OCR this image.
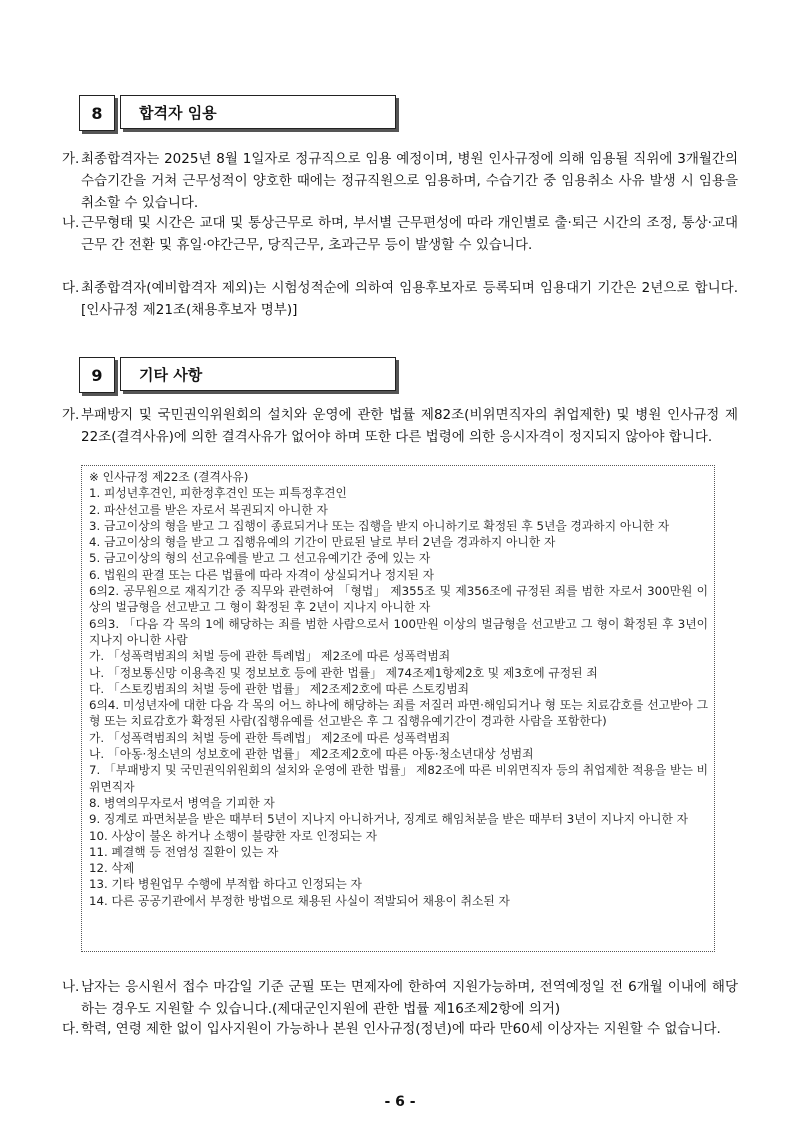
8	합격자 임용
가. 최종합격자는 2025년 8월 1일자로 정규직으로 임용 예정이며, 병원 인사규정에 의해 임용될 직위에 3개월간의 수습기간을 거쳐 근무성적이 양호한 때에는 정규직원으로 임용하며, 수습기간 중 임용취소 사유 발생 시 임용을 취소할 수 있습니다.
나. 근무형태 및 시간은 교대 및 통상근무로 하며, 부서별 근무편성에 따라 개인별로 출·퇴근 시간의 조정, 통상·교대근무 간 전환 및 휴일·야간근무, 당직근무, 초과근무 등이 발생할 수 있습니다.
다. 최종합격자(예비합격자 제외)는 시험성적순에 의하여 임용후보자로 등록되며 임용대기 기간은 2년으로 합니다.[인사규정 제21조(채용후보자 명부)]
9	기타 사항
가. 부패방지 및 국민권익위원회의 설치와 운영에 관한 법률 제82조(비위면직자의 취업제한) 및 병원 인사규정 제22조(결격사유)에 의한 결격사유가 없어야 하며 또한 다른 법령에 의한 응시자격이 정지되지 않아야 합니다.
※ 인사규정 제22조 (결격사유)
1. 피성년후견인, 피한정후견인 또는 피특정후견인
2. 파산선고를 받은 자로서 복권되지 아니한 자
3. 금고이상의 형을 받고 그 집행이 종료되거나 또는 집행을 받지 아니하기로 확정된 후 5년을 경과하지 아니한 자
4. 금고이상의 형을 받고 그 집행유예의 기간이 만료된 날로 부터 2년을 경과하지 아니한 자
5. 금고이상의 형의 선고유예를 받고 그 선고유예기간 중에 있는 자
6. 법원의 판결 또는 다른 법률에 따라 자격이 상실되거나 정지된 자
6의2. 공무원으로 재직기간 중 직무와 관련하여 「형법」 제355조 및 제356조에 규정된 죄를 범한 자로서 300만원 이상의 벌금형을 선고받고 그 형이 확정된 후 2년이 지나지 아니한 자
6의3. 「다음 각 목의 1에 해당하는 죄를 범한 사람으로서 100만원 이상의 벌금형을 선고받고 그 형이 확정된 후 3년이 지나지 아니한 사람
가. 「성폭력범죄의 처벌 등에 관한 특례법」 제2조에 따른 성폭력범죄
나. 「정보통신망 이용촉진 및 정보보호 등에 관한 법률」 제74조제1항제2호 및 제3호에 규정된 죄
다. 「스토킹범죄의 처벌 등에 관한 법률」 제2조제2호에 따른 스토킹범죄
6의4. 미성년자에 대한 다음 각 목의 어느 하나에 해당하는 죄를 저질러 파면·해임되거나 형 또는 치료감호를 선고받아 그 형 또는 치료감호가 확정된 사람(집행유예를 선고받은 후 그 집행유예기간이 경과한 사람을 포함한다)
가. 「성폭력범죄의 처벌 등에 관한 특례법」 제2조에 따른 성폭력범죄
나. 「아동·청소년의 성보호에 관한 법률」 제2조제2호에 따른 아동·청소년대상 성범죄
7. 「부패방지 및 국민권익위원회의 설치와 운영에 관한 법률」 제82조에 따른 비위면직자 등의 취업제한 적용을 받는 비위면직자
8. 병역의무자로서 병역을 기피한 자
9. 징계로 파면처분을 받은 때부터 5년이 지나지 아니하거나, 징계로 해임처분을 받은 때부터 3년이 지나지 아니한 자
10. 사상이 불온 하거나 소행이 불량한 자로 인정되는 자
11. 폐결핵 등 전염성 질환이 있는 자
12. 삭제
13. 기타 병원업무 수행에 부적합 하다고 인정되는 자
14. 다른 공공기관에서 부정한 방법으로 채용된 사실이 적발되어 채용이 취소된 자
나. 남자는 응시원서 접수 마감일 기준 군필 또는 면제자에 한하여 지원가능하며, 전역예정일 전 6개월 이내에 해당하는 경우도 지원할 수 있습니다.(제대군인지원에 관한 법률 제16조제2항에 의거)
다. 학력, 연령 제한 없이 입사지원이 가능하나 본원 인사규정(정년)에 따라 만60세 이상자는 지원할 수 없습니다.
- 6 -
